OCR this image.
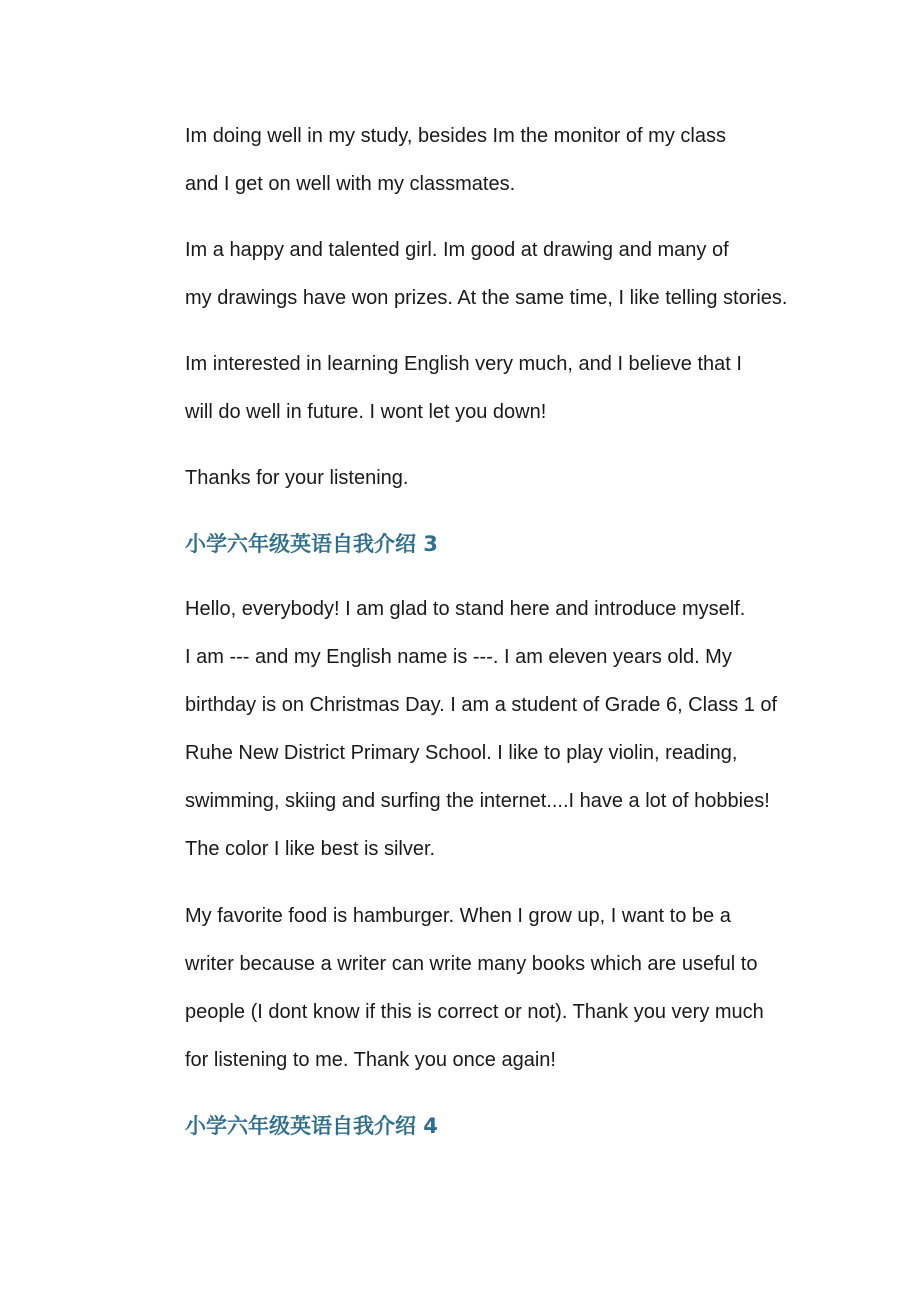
Im doing well in my study, besides Im the monitor of my class
and I get on well with my classmates.
Im a happy and talented girl. Im good at drawing and many of
my drawings have won prizes. At the same time, I like telling stories.
Im interested in learning English very much, and I believe that I
will do well in future. I wont let you down!
Thanks for your listening.
小学六年级英语自我介绍 3
Hello, everybody! I am glad to stand here and introduce myself.
I am --- and my English name is ---. I am eleven years old. My
birthday is on Christmas Day. I am a student of Grade 6, Class 1 of
Ruhe New District Primary School. I like to play violin, reading,
swimming, skiing and surfing the internet....I have a lot of hobbies!
The color I like best is silver.
My favorite food is hamburger. When I grow up, I want to be a
writer because a writer can write many books which are useful to
people (I dont know if this is correct or not). Thank you very much
for listening to me. Thank you once again!
小学六年级英语自我介绍 4
